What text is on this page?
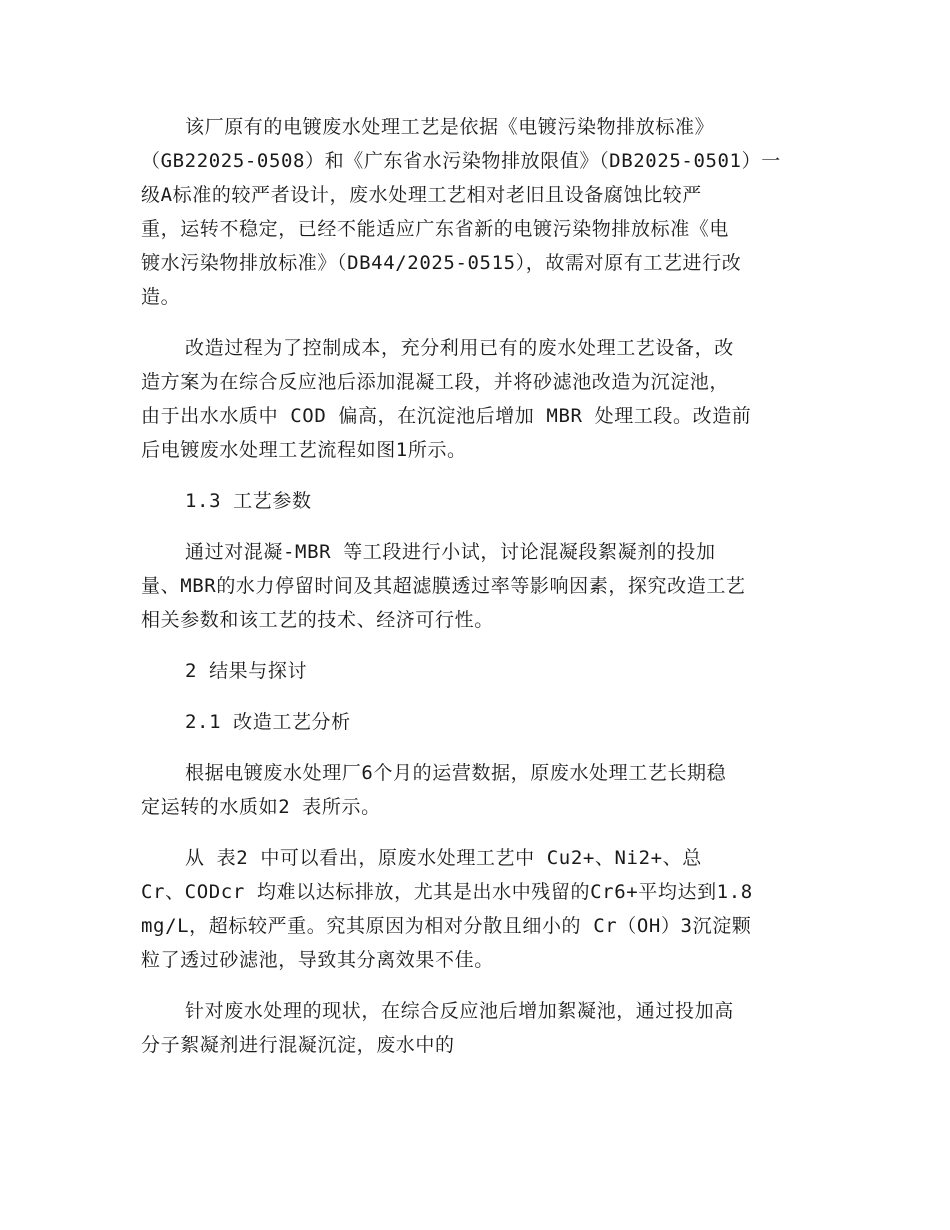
该厂原有的电镀废水处理工艺是依据《电镀污染物排放标准》
（GB22025-0508）和《广东省水污染物排放限值》（DB2025-0501）一
级A标准的较严者设计，废水处理工艺相对老旧且设备腐蚀比较严
重，运转不稳定，已经不能适应广东省新的电镀污染物排放标准《电
镀水污染物排放标准》（DB44/2025-0515），故需对原有工艺进行改
造。

改造过程为了控制成本，充分利用已有的废水处理工艺设备，改
造方案为在综合反应池后添加混凝工段，并将砂滤池改造为沉淀池，
由于出水水质中 COD 偏高，在沉淀池后增加 MBR 处理工段。改造前
后电镀废水处理工艺流程如图1所示。

1.3 工艺参数

通过对混凝-MBR 等工段进行小试，讨论混凝段絮凝剂的投加
量、MBR的水力停留时间及其超滤膜透过率等影响因素，探究改造工艺
相关参数和该工艺的技术、经济可行性。

2 结果与探讨

2.1 改造工艺分析

根据电镀废水处理厂6个月的运营数据，原废水处理工艺长期稳
定运转的水质如2 表所示。

从 表2 中可以看出，原废水处理工艺中 Cu2+、Ni2+、总
Cr、CODcr 均难以达标排放，尤其是出水中残留的Cr6+平均达到1.8
mg/L，超标较严重。究其原因为相对分散且细小的 Cr（OH）3沉淀颗
粒了透过砂滤池，导致其分离效果不佳。

针对废水处理的现状，在综合反应池后增加絮凝池，通过投加高
分子絮凝剂进行混凝沉淀，废水中的
